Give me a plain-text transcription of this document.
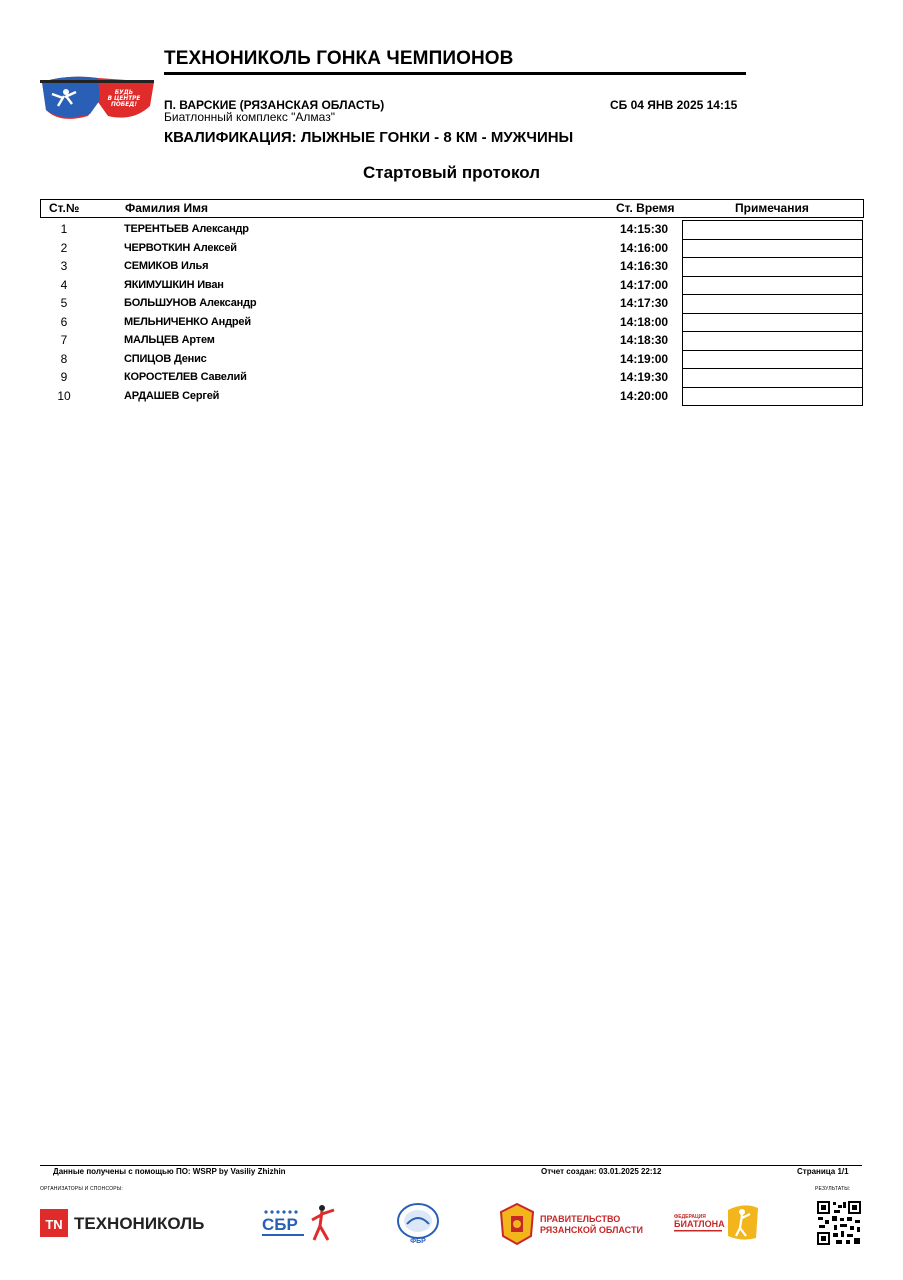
ТЕХНОНИКОЛЬ ГОНКА ЧЕМПИОНОВ
БУДЬ
В ЦЕНТРЕ
ПОБЕД! П. ВАРСКИЕ (РЯЗАНСКАЯ ОБЛАСТЬ)
Биатлонный комплекс "Алмаз"
СБ 04 ЯНВ 2025 14:15
КВАЛИФИКАЦИЯ: ЛЫЖНЫЕ ГОНКИ - 8 КМ - МУЖЧИНЫ
Стартовый протокол
Ст.№	Фамилия Имя	Ст. Время	Примечания
1	ТЕРЕНТЬЕВ Александр	14:15:30
2	ЧЕРВОТКИН Алексей	14:16:00
3	СЕМИКОВ Илья	14:16:30
4	ЯКИМУШКИН Иван	14:17:00
5	БОЛЬШУНОВ Александр	14:17:30
6	МЕЛЬНИЧЕНКО Андрей	14:18:00
7	МАЛЬЦЕВ Артем	14:18:30
8	СПИЦОВ Денис	14:19:00
9	КОРОСТЕЛЕВ Савелий	14:19:30
10	АРДАШЕВ Сергей	14:20:00
Данные получены с помощью ПО: WSRP by Vasiliy Zhizhin	Отчет создан: 03.01.2025 22:12	Страница 1/1
ОРГАНИЗАТОРЫ И СПОНСОРЫ:	РЕЗУЛЬТАТЫ:
TN ТЕХНОНИКОЛЬ	СБР
ФБР
ПРАВИТЕЛЬСТВО
РЯЗАНСКОЙ ОБЛАСТИ
ФЕДЕРАЦИЯ
БИАТЛОНА
